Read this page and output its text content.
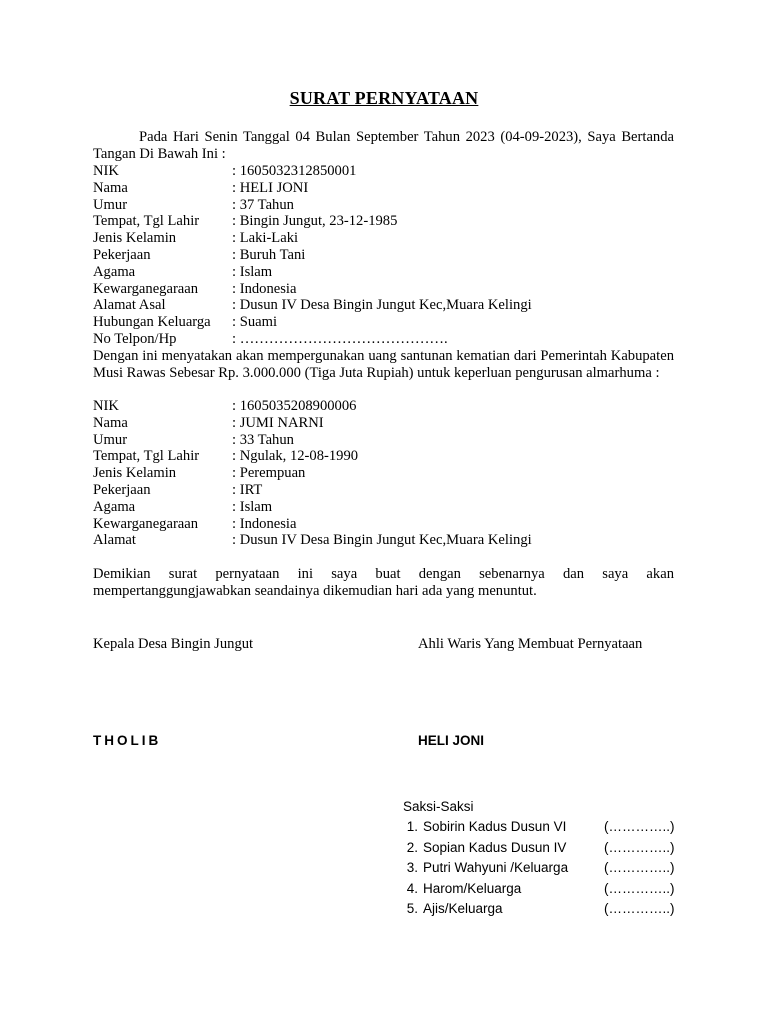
SURAT PERNYATAAN
Pada Hari Senin Tanggal 04 Bulan September Tahun 2023 (04-09-2023), Saya Bertanda Tangan Di Bawah Ini :
NIK	: 1605032312850001
Nama	: HELI JONI
Umur	: 37 Tahun
Tempat, Tgl Lahir : Bingin Jungut, 23-12-1985
Jenis Kelamin	: Laki-Laki
Pekerjaan	: Buruh Tani
Agama	: Islam
Kewarganegaraan : Indonesia
Alamat Asal	: Dusun IV Desa Bingin Jungut Kec,Muara Kelingi
Hubungan Keluarga : Suami
No Telpon/Hp	: …………………………………….
Dengan ini menyatakan akan mempergunakan uang santunan kematian dari Pemerintah Kabupaten Musi Rawas Sebesar Rp. 3.000.000 (Tiga Juta Rupiah) untuk keperluan pengurusan almarhuma :
NIK	: 1605035208900006
Nama	: JUMI NARNI
Umur	: 33 Tahun
Tempat, Tgl Lahir : Ngulak, 12-08-1990
Jenis Kelamin	: Perempuan
Pekerjaan	: IRT
Agama	: Islam
Kewarganegaraan : Indonesia
Alamat	: Dusun IV Desa Bingin Jungut Kec,Muara Kelingi
Demikian surat pernyataan ini saya buat dengan sebenarnya dan saya akan mempertanggungjawabkan seandainya dikemudian hari ada yang menuntut.
Kepala Desa Bingin Jungut	Ahli Waris Yang Membuat Pernyataan
THOLIB	HELI JONI
Saksi-Saksi
1. Sobirin Kadus Dusun VI	(…………..)
2. Sopian Kadus Dusun IV	(…………..)
3. Putri Wahyuni /Keluarga	(…………..)
4. Harom/Keluarga	(…………..)
5. Ajis/Keluarga	(…………..)
